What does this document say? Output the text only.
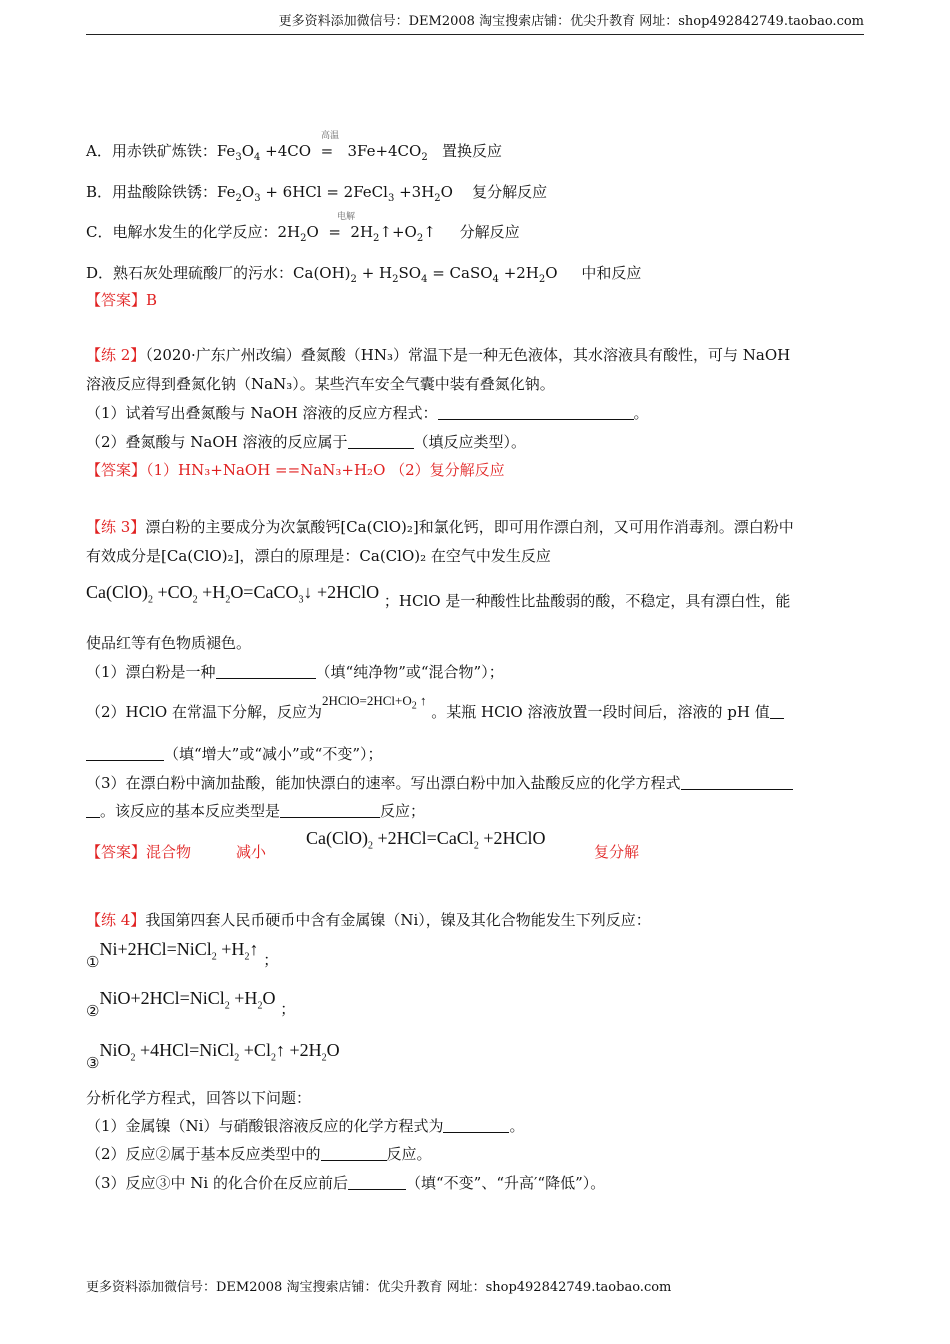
更多资料添加微信号：DEM2008 淘宝搜索店铺：优尖升教育 网址：shop492842749.taobao.com
高温
A．用赤铁矿炼铁：$Fe_3O_4 +4CO = 3Fe+4CO_2$ 置换反应
B．用盐酸除铁锈：$Fe_2O_3 + 6HCl$ = 2FeCl$_3$ $+3H_2O$ 复分解反应
电解
C．电解水发生的化学反应：$2H_2O$  =  $2H_2↑+O_2↑$ 分解反应
D．熟石灰处理硫酸厂的污水：$Ca(OH)_2 + H_2SO_4$ = CaSO$_4$ $+2H_2O$ 中和反应
【答案】B
【练 2】（2020·广东广州改编）叠氮酸（HN₃）常温下是一种无色液体，其水溶液具有酸性，可与 NaOH
溶液反应得到叠氮化钠（NaN₃）。某些汽车安全气囊中装有叠氮化钠。
（1）试着写出叠氮酸与 NaOH 溶液的反应方程式：	。
（2）叠氮酸与 NaOH 溶液的反应属于	（填反应类型）。
【答案】（1）HN₃+NaOH ==NaN₃+H₂O （2）复分解反应
【练 3】漂白粉的主要成分为次氯酸钙[Ca(ClO)₂]和氯化钙，即可用作漂白剂，又可用作消毒剂。漂白粉中
有效成分是[Ca(ClO)₂]，漂白的原理是：Ca(ClO)₂ 在空气中发生反应
$Ca(ClO)_2 +CO_2$ $+H_2O=CaCO_3↓$ +2HClO ；HClO 是一种酸性比盐酸弱的酸，不稳定，具有漂白性，能
使品红等有色物质褪色。
（1）漂白粉是一种	（填“纯净物”或“混合物”）；
（2）HClO 在常温下分解，反应为$2HClO=2HCl+O_2$ ↑ 。某瓶 HClO 溶液放置一段时间后，溶液的 pH 值
（填“增大”或“减小”或“不变”）；
（3）在漂白粉中滴加盐酸，能加快漂白的速率。写出漂白粉中加入盐酸反应的化学方程式
。该反应的基本反应类型是	反应；
$Ca(ClO)_2$ +2HCl=CaCl$_2$ +2HClO
【答案】混合物	减小	复分解
【练 4】我国第四套人民币硬币中含有金属镍（Ni），镍及其化合物能发生下列反应：
①Ni+2HCl=NiCl$_2$ $+H_2↑$ ；
②NiO+2HCl=NiCl$_2$ $+H_2O$ ；
③NiO$_2$ +4HCl=NiCl$_2$ $+Cl_2↑ +2H_2O$
分析化学方程式，回答以下问题：
（1）金属镍（Ni）与硝酸银溶液反应的化学方程式为	。
（2）反应②属于基本反应类型中的	反应。
（3）反应③中 Ni 的化合价在反应前后	（填“不变”、“升高′“降低”）。
更多资料添加微信号：DEM2008 淘宝搜索店铺：优尖升教育 网址：shop492842749.taobao.com
